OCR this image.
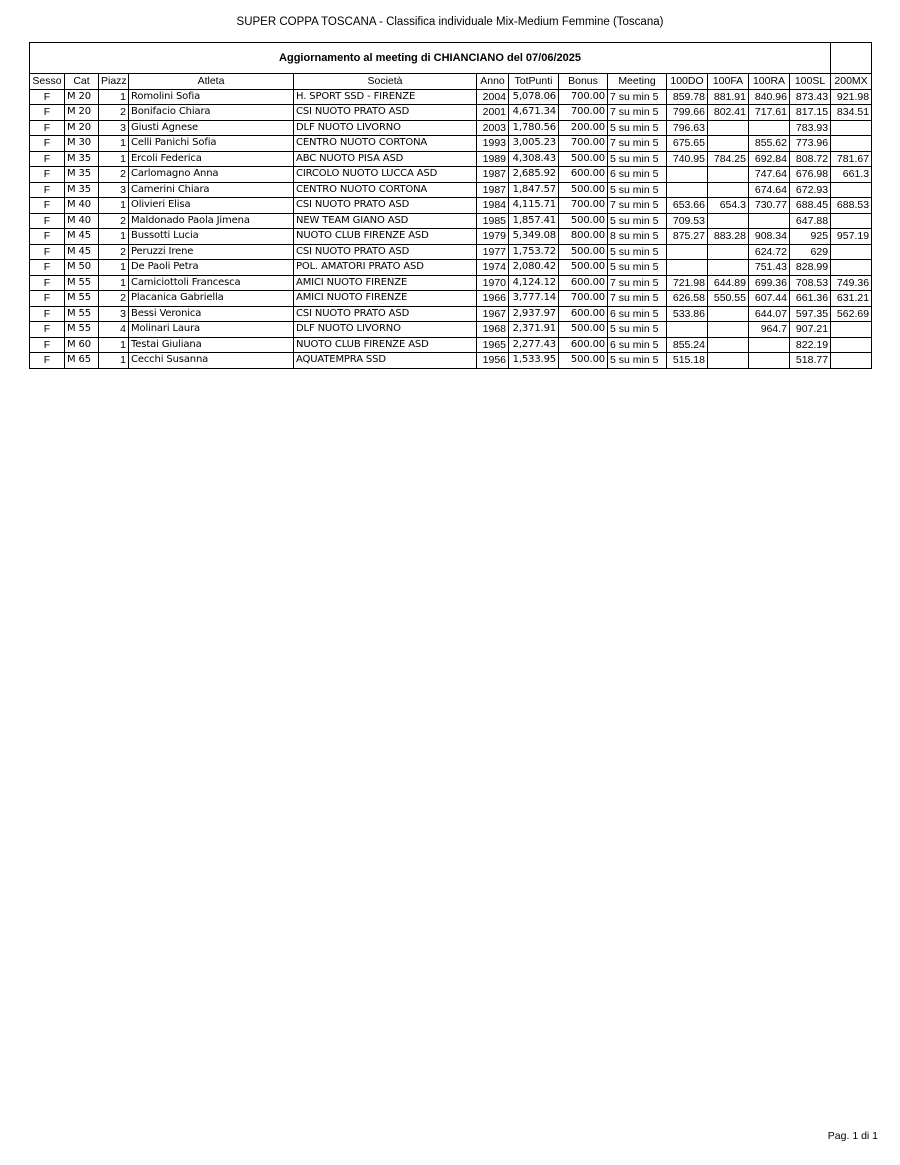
SUPER COPPA TOSCANA - Classifica individuale Mix-Medium Femmine (Toscana)
Aggiornamento al meeting di CHIANCIANO del 07/06/2025													
Sesso	Cat	Piazz	Atleta	Società	Anno	TotPunti	Bonus	Meeting	100DO	100FA	100RA	100SL	200MX
F	M 20	1	Romolini Sofia	H. SPORT SSD - FIRENZE	2004	5,078.06	700.00	7 su min 5	859.78	881.91	840.96	873.43	921.98
F	M 20	2	Bonifacio Chiara	CSI NUOTO PRATO ASD	2001	4,671.34	700.00	7 su min 5	799.66	802.41	717.61	817.15	834.51
F	M 20	3	Giusti Agnese	DLF NUOTO LIVORNO	2003	1,780.56	200.00	5 su min 5	796.63			783.93	
F	M 30	1	Celli Panichi Sofia	CENTRO NUOTO CORTONA	1993	3,005.23	700.00	7 su min 5	675.65		855.62	773.96	
F	M 35	1	Ercoli Federica	ABC NUOTO PISA ASD	1989	4,308.43	500.00	5 su min 5	740.95	784.25	692.84	808.72	781.67
F	M 35	2	Carlomagno Anna	CIRCOLO NUOTO LUCCA ASD	1987	2,685.92	600.00	6 su min 5			747.64	676.98	661.3
F	M 35	3	Camerini Chiara	CENTRO NUOTO CORTONA	1987	1,847.57	500.00	5 su min 5			674.64	672.93	
F	M 40	1	Olivieri Elisa	CSI NUOTO PRATO ASD	1984	4,115.71	700.00	7 su min 5	653.66	654.3	730.77	688.45	688.53
F	M 40	2	Maldonado Paola Jimena	NEW TEAM GIANO ASD	1985	1,857.41	500.00	5 su min 5	709.53			647.88	
F	M 45	1	Bussotti Lucia	NUOTO CLUB FIRENZE ASD	1979	5,349.08	800.00	8 su min 5	875.27	883.28	908.34	925	957.19
F	M 45	2	Peruzzi Irene	CSI NUOTO PRATO ASD	1977	1,753.72	500.00	5 su min 5			624.72	629	
F	M 50	1	De Paoli Petra	POL. AMATORI PRATO ASD	1974	2,080.42	500.00	5 su min 5			751.43	828.99	
F	M 55	1	Camiciottoli Francesca	AMICI NUOTO FIRENZE	1970	4,124.12	600.00	7 su min 5	721.98	644.89	699.36	708.53	749.36
F	M 55	2	Placanica Gabriella	AMICI NUOTO FIRENZE	1966	3,777.14	700.00	7 su min 5	626.58	550.55	607.44	661.36	631.21
F	M 55	3	Bessi Veronica	CSI NUOTO PRATO ASD	1967	2,937.97	600.00	6 su min 5	533.86		644.07	597.35	562.69
F	M 55	4	Molinari Laura	DLF NUOTO LIVORNO	1968	2,371.91	500.00	5 su min 5			964.7	907.21	
F	M 60	1	Testai Giuliana	NUOTO CLUB FIRENZE ASD	1965	2,277.43	600.00	6 su min 5	855.24			822.19	
F	M 65	1	Cecchi Susanna	AQUATEMPRA SSD	1956	1,533.95	500.00	5 su min 5	515.18			518.77	
Pag. 1 di 1
